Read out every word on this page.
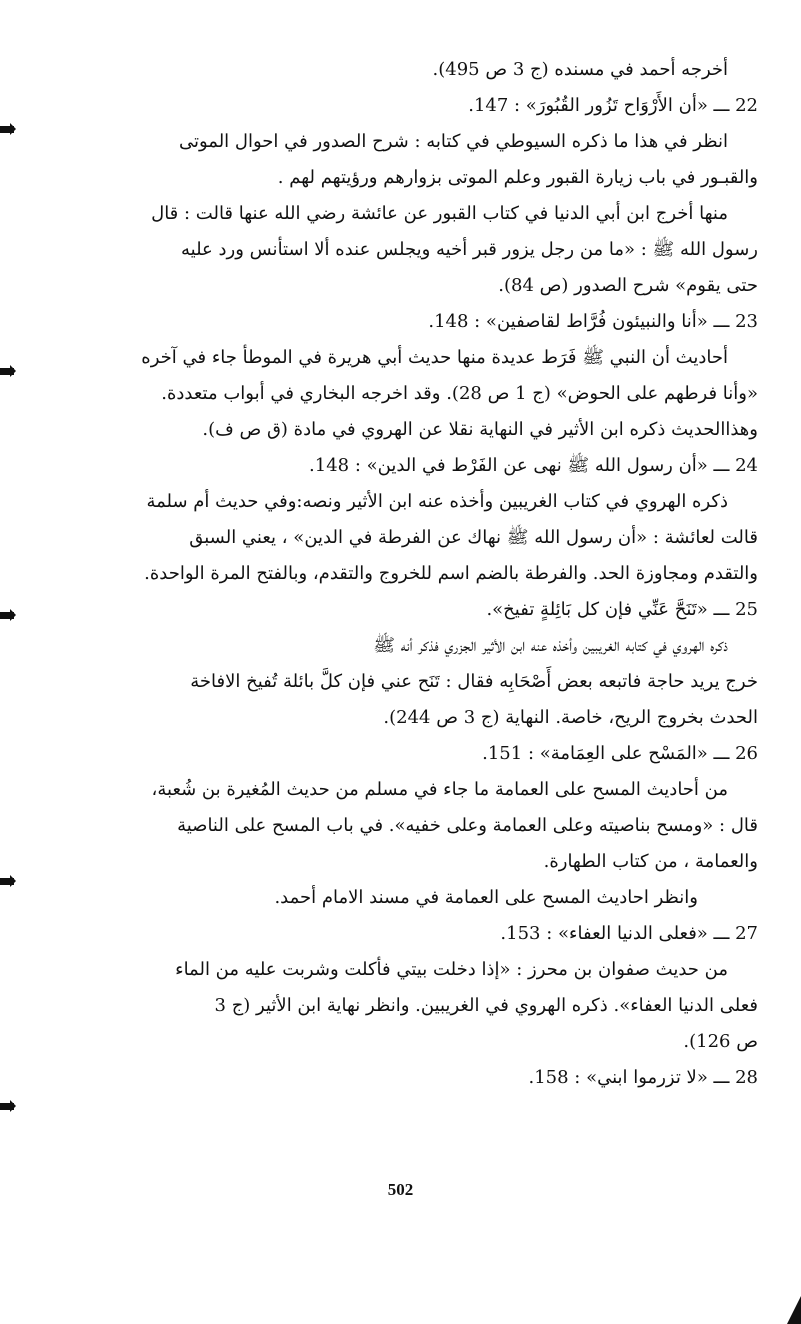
أخرجه أحمد في مسنده (ج 3 ص 495).
22 ـــ «أن الأَرْوَاح تَزُور القُبُورَ» : 147.
انظر في هذا ما ذكره السيوطي في كتابه : شرح الصدور في احوال الموتى
والقبـور في باب زيارة القبور وعلم الموتى بزوارهم ورؤيتهم لهم .
منها أخرج ابن أبي الدنيا في كتاب القبور عن عائشة رضي الله عنها قالت : قال
رسول الله ﷺ : «ما من رجل يزور قبر أخيه ويجلس عنده ألا استأنس ورد عليه
حتى يقوم» شرح الصدور (ص 84).
23 ـــ «أنا والنبيئون فُرَّاط لقاصفين» : 148.
أحاديث أن النبي ﷺ فَرَط عديدة منها حديث أبي هريرة في الموطأ جاء في آخره
«وأنا فرطهم على الحوض» (ج 1 ص 28). وقد اخرجه البخاري في أبواب متعددة.
وهذاالحديث ذكره ابن الأثير في النهاية نقلا عن الهروي في مادة (ق ص ف).
24 ـــ «أن رسول الله ﷺ نهى عن الفَرْط في الدين» : 148.
ذكره الهروي في كتاب الغريبين وأخذه عنه ابن الأثير ونصه:وفي حديث أم سلمة
قالت لعائشة : «أن رسول الله ﷺ نهاك عن الفرطة في الدين» ، يعني السبق
والتقدم ومجاوزة الحد. والفرطة بالضم اسم للخروج والتقدم، وبالفتح المرة الواحدة.
25 ـــ «تَنَحَّ عَنِّي فإن كل بَائِلةٍ تفيخ».
ذكره الهروي في كتابه الغريبين وأخذه عنه ابن الأثير الجزري فذكر أنه ﷺ
خرج يريد حاجة فاتبعه بعض أَصْحَابِه فقال : تَنَح عني فإن كلَّ بائلة تُفيخ الافاخة
الحدث بخروج الريح، خاصة. النهاية (ج 3 ص 244).
26 ـــ «المَسْح على العِمَامة» : 151.
من أحاديث المسح على العمامة ما جاء في مسلم من حديث المُغيرة بن شُعبة،
قال : «ومسح بناصيته وعلى العمامة وعلى خفيه». في باب المسح على الناصية
والعمامة ، من كتاب الطهارة.
وانظر احاديث المسح على العمامة في مسند الامام أحمد.
27 ـــ «فعلى الدنيا العفاء» : 153.
من حديث صفوان بن محرز : «إذا دخلت بيتي فأكلت وشربت عليه من الماء
فعلى الدنيا العفاء». ذكره الهروي في الغريبين. وانظر نهاية ابن الأثير (ج 3
ص 126).
28 ـــ «لا تزرموا ابني» : 158.
502
